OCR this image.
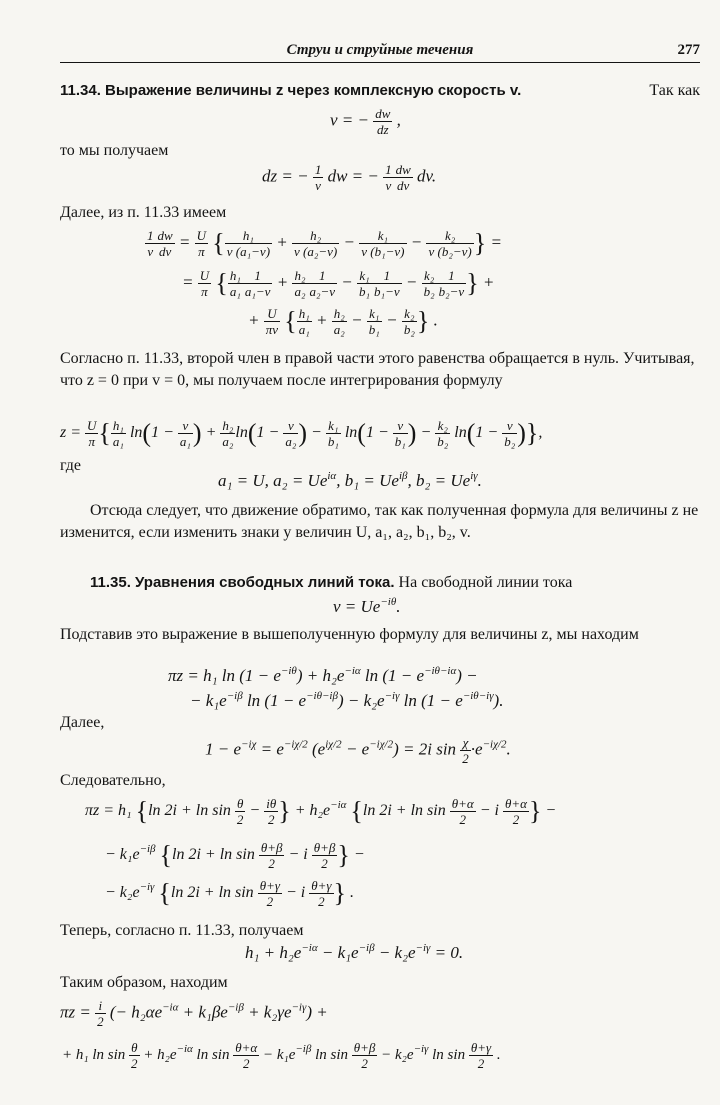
Струи и струйные течения	277
11.34. Выражение величины z через комплексную скорость v.	Так как
v = − $\frac{dw}{dz}$ ,
то мы получаем
dz = − $\frac{1}{v}$ dw = − $\frac{1}{v} \frac{dw}{dv}$ dv.
Далее, из п. 11.33 имеем
$\frac{1}{v} \frac{dw}{dv} = \frac{U}{\pi}$ { $\frac{\text{h₁}}{\text{v (a₁−v)}} + \frac{\text{h₂}}{\text{v (a₂−v)}} - \frac{\text{k₁}}{\text{v (b₁−v)}} - \frac{\text{k₂}}{\text{v (b₂−v)}}$ } =
= $\frac{U}{\pi}$ { $\frac{\text{h₁}}{\text{a₁}} \frac{1}{\text{a₁−v}} + \frac{\text{h₂}}{\text{a₂}} \frac{1}{\text{a₂−v}} - \frac{\text{k₁}}{\text{b₁}} \frac{1}{\text{b₁−v}} - \frac{\text{k₂}}{\text{b₂}} \frac{1}{\text{b₂−v}}$ } +
+ $\frac{U}{\pi v}$ { $\frac{\text{h₁}}{\text{a₁}} + \frac{\text{h₂}}{\text{a₂}} - \frac{\text{k₁}}{\text{b₁}} - \frac{\text{k₂}}{\text{b₂}}$ } .
Согласно п. 11.33, второй член в правой части этого равенства обращается в нуль. Учитывая, что z = 0 при v = 0, мы получаем после интегрирования формулу
$z = \frac{U}{\pi}$ { $\frac{\text{h₁}}{\text{a₁}} \ln(1 - \frac{v}{\text{a₁}}$ ) + $\frac{\text{h₂}}{\text{a₂}} \ln(1 - \frac{v}{\text{a₂}}$ ) − $\frac{\text{k₁}}{\text{b₁}} \ln(1 - \frac{v}{\text{b₁}}$ ) − $\frac{\text{k₂}}{\text{b₂}} \ln(1 - \frac{v}{\text{b₂}}$ )},
где
a₁ = U, $a_2 = Ue^{i\alpha}$, $b_1 = Ue^{i\beta}$, $b_2 = Ue^{i\gamma}$.
Отсюда следует, что движение обратимо, так как полученная формула для величины z не изменится, если изменить знаки у величин U, a₁, a₂, b₁, b₂, v.
11.35. Уравнения свободных линий тока. На свободной линии тока
$v = Ue^{-i\theta}$.
Подставив это выражение в вышеполученную формулу для величины z, мы находим
πz = h₁ $\ln (1 - e^{-i\theta}) + h_2e^{-i\alpha}$ $\ln (1 - e^{-i\theta-i\alpha})$ −
− $k_1e^{-i\beta}$ $\ln (1 - e^{-i\theta-i\beta}) - k_2e^{-i\gamma}$ $\ln (1 - e^{-i\theta-i\gamma})$.
Далее,
$1 - e^{-i\chi} = e^{-i\chi/2}$ $(e^{i\chi/2} - e^{-i\chi/2}) = 2i$ $\sin \frac{\chi}{2} \cdot e^{-i\chi/2}$.
Следовательно,
πz = h₁ {ln $2i + \ln \sin \frac{\theta}{2} - \frac{i\theta}{2}$ } + $h_2e^{-i\alpha}$ {ln $2i + \ln \sin \frac{\theta+\alpha}{2} - i \frac{\theta+\alpha}{2}$ } −
− $k_1e^{-i\beta}$ {ln $2i + \ln \sin \frac{\theta+\beta}{2} - i \frac{\theta+\beta}{2}$ } −
− $k_2e^{-i\gamma}$ {ln $2i + \ln \sin \frac{\theta+\gamma}{2} - i \frac{\theta+\gamma}{2}$ } .
Теперь, согласно п. 11.33, получаем
$h_1 + h_2e^{-i\alpha} - k_1e^{-i\beta} - k_2e^{-i\gamma} = 0$.
Таким образом, находим
$\pi z = \frac{i}{2}$ (− $h_2\alpha e^{-i\alpha} + k_1\beta e^{-i\beta} + k_2\gamma e^{-i\gamma}$) +
+ h₁ $\ln \sin \frac{\theta}{2} + h_2e^{-i\alpha}$ $\ln \sin \frac{\theta+\alpha}{2} - k_1e^{-i\beta}$ $\ln \sin \frac{\theta+\beta}{2} - k_2e^{-i\gamma}$ $\ln \sin \frac{\theta+\gamma}{2}$ .
